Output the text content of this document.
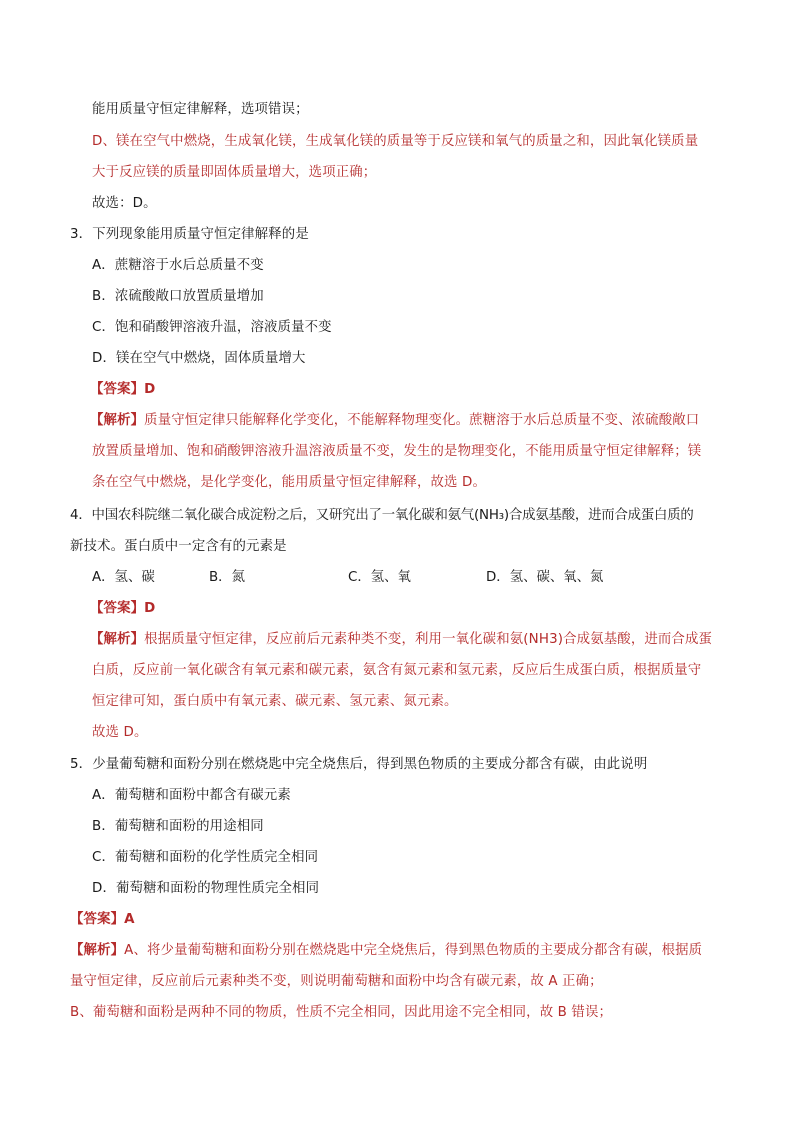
能用质量守恒定律解释，选项错误；
D、镁在空气中燃烧，生成氧化镁，生成氧化镁的质量等于反应镁和氧气的质量之和，因此氧化镁质量
大于反应镁的质量即固体质量增大，选项正确；
故选：D。
3．下列现象能用质量守恒定律解释的是
A．蔗糖溶于水后总质量不变
B．浓硫酸敞口放置质量增加
C．饱和硝酸钾溶液升温，溶液质量不变
D．镁在空气中燃烧，固体质量增大
【答案】D
【解析】质量守恒定律只能解释化学变化，不能解释物理变化。蔗糖溶于水后总质量不变、浓硫酸敞口
放置质量增加、饱和硝酸钾溶液升温溶液质量不变，发生的是物理变化，不能用质量守恒定律解释；镁
条在空气中燃烧，是化学变化，能用质量守恒定律解释，故选 D。
4．中国农科院继二氧化碳合成淀粉之后，又研究出了一氧化碳和氨气(NH₃)合成氨基酸，进而合成蛋白质的
新技术。蛋白质中一定含有的元素是
A．氢、碳	B．氮	C．氢、氧	D．氢、碳、氧、氮
【答案】D
【解析】根据质量守恒定律，反应前后元素种类不变，利用一氧化碳和氨(NH3)合成氨基酸，进而合成蛋
白质，反应前一氧化碳含有氧元素和碳元素，氨含有氮元素和氢元素，反应后生成蛋白质，根据质量守
恒定律可知，蛋白质中有氧元素、碳元素、氢元素、氮元素。
故选 D。
5．少量葡萄糖和面粉分别在燃烧匙中完全烧焦后，得到黑色物质的主要成分都含有碳，由此说明
A．葡萄糖和面粉中都含有碳元素
B．葡萄糖和面粉的用途相同
C．葡萄糖和面粉的化学性质完全相同
D．葡萄糖和面粉的物理性质完全相同
【答案】A
【解析】A、将少量葡萄糖和面粉分别在燃烧匙中完全烧焦后，得到黑色物质的主要成分都含有碳，根据质
量守恒定律，反应前后元素种类不变，则说明葡萄糖和面粉中均含有碳元素，故 A 正确；
B、葡萄糖和面粉是两种不同的物质，性质不完全相同，因此用途不完全相同，故 B 错误；
